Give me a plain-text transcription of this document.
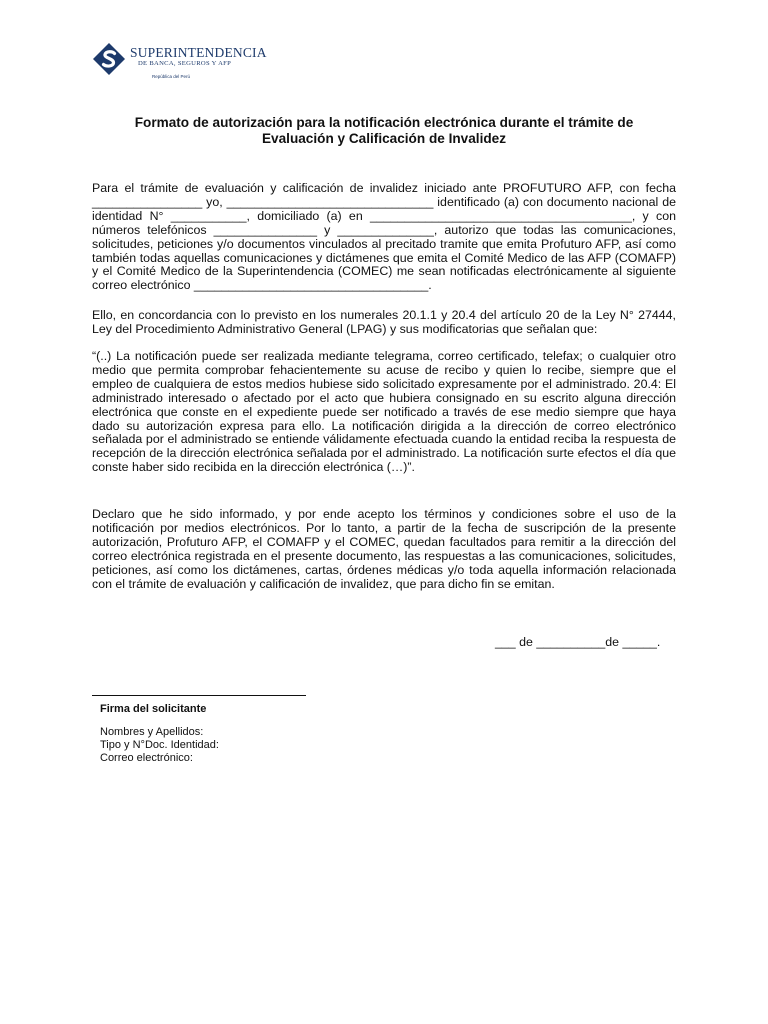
SUPERINTENDENCIA
DE BANCA, SEGUROS Y AFP
República del Perú
Formato de autorización para la notificación electrónica durante el trámite de
Evaluación y Calificación de Invalidez

Para el trámite de evaluación y calificación de invalidez iniciado ante PROFUTURO AFP, con fecha ________________ yo, ______________________________ identificado (a) con documento nacional de identidad N° ___________, domiciliado (a) en ______________________________________, y con números telefónicos _______________ y ______________, autorizo que todas las comunicaciones, solicitudes, peticiones y/o documentos vinculados al precitado tramite que emita Profuturo AFP, así como también todas aquellas comunicaciones y dictámenes que emita el Comité Medico de las AFP (COMAFP) y el Comité Medico de la Superintendencia (COMEC) me sean notificadas electrónicamente al siguiente correo electrónico __________________________________.

Ello, en concordancia con lo previsto en los numerales 20.1.1 y 20.4 del artículo 20 de la Ley N° 27444, Ley del Procedimiento Administrativo General (LPAG) y sus modificatorias que señalan que:

“(..) La notificación puede ser realizada mediante telegrama, correo certificado, telefax; o cualquier otro medio que permita comprobar fehacientemente su acuse de recibo y quien lo recibe, siempre que el empleo de cualquiera de estos medios hubiese sido solicitado expresamente por el administrado. 20.4: El administrado interesado o afectado por el acto que hubiera consignado en su escrito alguna dirección electrónica que conste en el expediente puede ser notificado a través de ese medio siempre que haya dado su autorización expresa para ello. La notificación dirigida a la dirección de correo electrónico señalada por el administrado se entiende válidamente efectuada cuando la entidad reciba la respuesta de recepción de la dirección electrónica señalada por el administrado. La notificación surte efectos el día que conste haber sido recibida en la dirección electrónica (…)”.

Declaro que he sido informado, y por ende acepto los términos y condiciones sobre el uso de la notificación por medios electrónicos. Por lo tanto, a partir de la fecha de suscripción de la presente autorización, Profuturo AFP, el COMAFP y el COMEC, quedan facultados para remitir a la dirección del correo electrónica registrada en el presente documento, las respuestas a las comunicaciones, solicitudes, peticiones, así como los dictámenes, cartas, órdenes médicas y/o toda aquella información relacionada con el trámite de evaluación y calificación de invalidez, que para dicho fin se emitan.

___ de __________de _____.
Firma del solicitante
Nombres y Apellidos:
Tipo y N°Doc. Identidad:
Correo electrónico:
